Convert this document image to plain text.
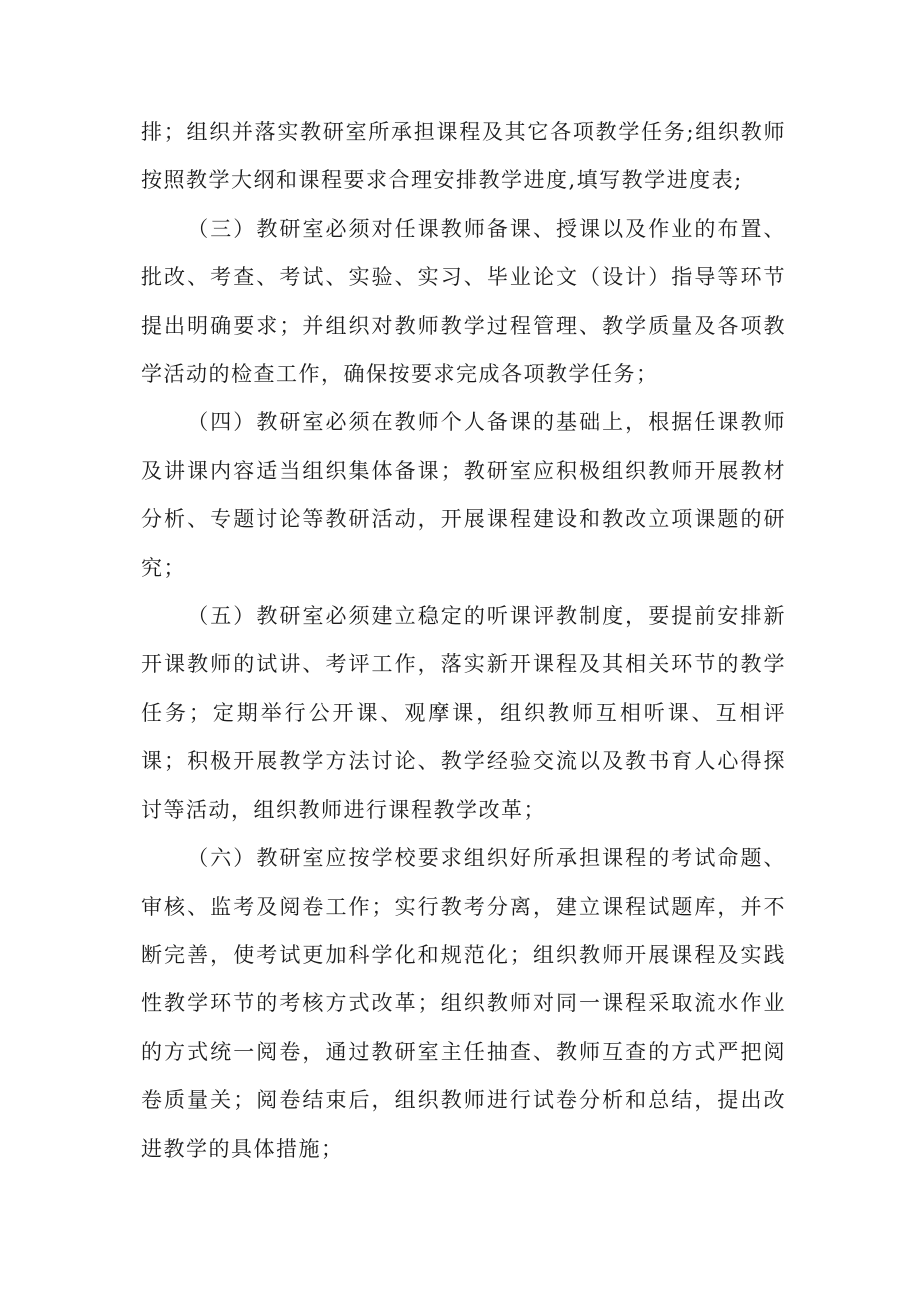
排；组织并落实教研室所承担课程及其它各项教学任务;组织教师按照教学大纲和课程要求合理安排教学进度,填写教学进度表;

（三）教研室必须对任课教师备课、授课以及作业的布置、批改、考查、考试、实验、实习、毕业论文（设计）指导等环节提出明确要求；并组织对教师教学过程管理、教学质量及各项教学活动的检查工作，确保按要求完成各项教学任务；

（四）教研室必须在教师个人备课的基础上，根据任课教师及讲课内容适当组织集体备课；教研室应积极组织教师开展教材分析、专题讨论等教研活动，开展课程建设和教改立项课题的研究；

（五）教研室必须建立稳定的听课评教制度，要提前安排新开课教师的试讲、考评工作，落实新开课程及其相关环节的教学任务；定期举行公开课、观摩课，组织教师互相听课、互相评课；积极开展教学方法讨论、教学经验交流以及教书育人心得探讨等活动，组织教师进行课程教学改革；

（六）教研室应按学校要求组织好所承担课程的考试命题、审核、监考及阅卷工作；实行教考分离，建立课程试题库，并不断完善，使考试更加科学化和规范化；组织教师开展课程及实践性教学环节的考核方式改革；组织教师对同一课程采取流水作业的方式统一阅卷，通过教研室主任抽查、教师互查的方式严把阅卷质量关；阅卷结束后，组织教师进行试卷分析和总结，提出改进教学的具体措施；
